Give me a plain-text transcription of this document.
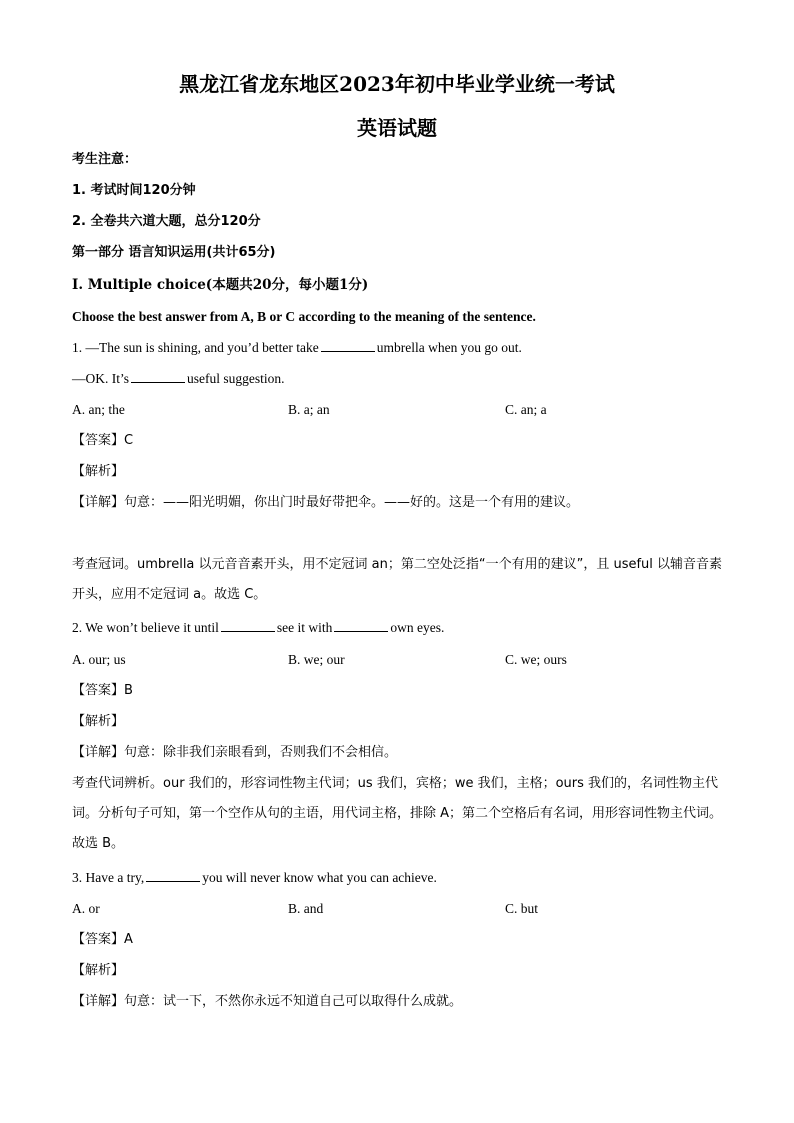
黑龙江省龙东地区2023年初中毕业学业统一考试
英语试题
考生注意：
1. 考试时间120分钟
2. 全卷共六道大题，总分120分
第一部分 语言知识运用(共计65分)
Ⅰ. Multiple choice(本题共20分，每小题1分)
Choose the best answer from A, B or C according to the meaning of the sentence.
1. —The sun is shining, and you’d better take	umbrella when you go out.
—OK. It’s	useful suggestion.
A. an; the	B. a; an	C. an; a
【答案】C
【解析】
【详解】句意：——阳光明媚，你出门时最好带把伞。——好的。这是一个有用的建议。
考查冠词。umbrella 以元音音素开头，用不定冠词 an；第二空处泛指“一个有用的建议”，且 useful 以辅音音素开头，应用不定冠词 a。故选 C。
2. We won’t believe it until	see it with	own eyes.
A. our; us	B. we; our	C. we; ours
【答案】B
【解析】
【详解】句意：除非我们亲眼看到，否则我们不会相信。
考查代词辨析。our 我们的，形容词性物主代词；us 我们，宾格；we 我们，主格；ours 我们的，名词性物主代词。分析句子可知，第一个空作从句的主语，用代词主格，排除 A；第二个空格后有名词，用形容词性物主代词。故选 B。
3. Have a try,	you will never know what you can achieve.
A. or	B. and	C. but
【答案】A
【解析】
【详解】句意：试一下，不然你永远不知道自己可以取得什么成就。
